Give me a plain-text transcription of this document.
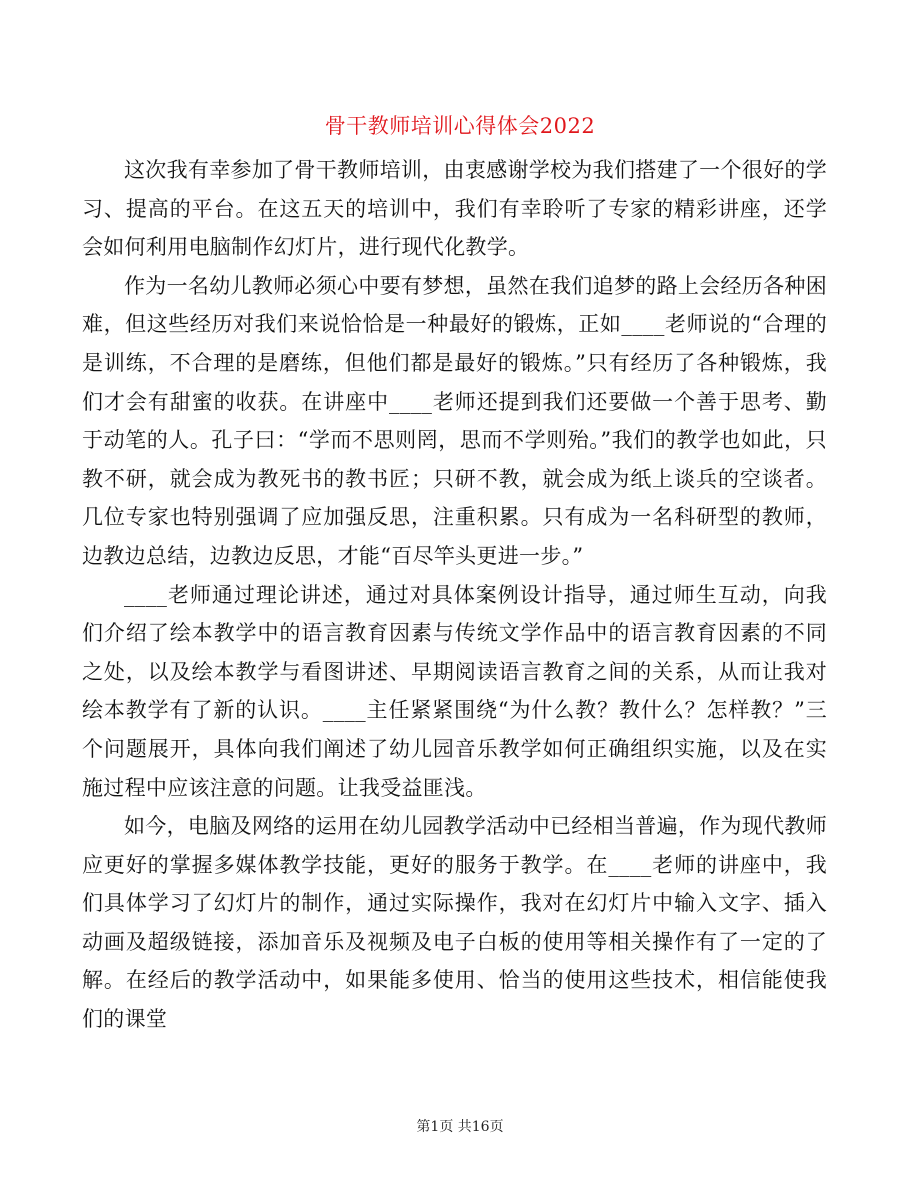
骨干教师培训心得体会2022

这次我有幸参加了骨干教师培训，由衷感谢学校为我们搭建了一个很好的学习、提高的平台。在这五天的培训中，我们有幸聆听了专家的精彩讲座，还学会如何利用电脑制作幻灯片，进行现代化教学。

作为一名幼儿教师必须心中要有梦想，虽然在我们追梦的路上会经历各种困难，但这些经历对我们来说恰恰是一种最好的锻炼，正如____老师说的“合理的是训练，不合理的是磨练，但他们都是最好的锻炼。”只有经历了各种锻炼，我们才会有甜蜜的收获。在讲座中____老师还提到我们还要做一个善于思考、勤于动笔的人。孔子曰：“学而不思则罔，思而不学则殆。”我们的教学也如此，只教不研，就会成为教死书的教书匠；只研不教，就会成为纸上谈兵的空谈者。几位专家也特别强调了应加强反思，注重积累。只有成为一名科研型的教师，边教边总结，边教边反思，才能“百尽竿头更进一步。”

____老师通过理论讲述，通过对具体案例设计指导，通过师生互动，向我们介绍了绘本教学中的语言教育因素与传统文学作品中的语言教育因素的不同之处，以及绘本教学与看图讲述、早期阅读语言教育之间的关系，从而让我对绘本教学有了新的认识。____主任紧紧围绕“为什么教？教什么？怎样教？”三个问题展开，具体向我们阐述了幼儿园音乐教学如何正确组织实施，以及在实施过程中应该注意的问题。让我受益匪浅。

如今，电脑及网络的运用在幼儿园教学活动中已经相当普遍，作为现代教师应更好的掌握多媒体教学技能，更好的服务于教学。在____老师的讲座中，我们具体学习了幻灯片的制作，通过实际操作，我对在幻灯片中输入文字、插入动画及超级链接，添加音乐及视频及电子白板的使用等相关操作有了一定的了解。在经后的教学活动中，如果能多使用、恰当的使用这些技术，相信能使我们的课堂

第1页 共16页
